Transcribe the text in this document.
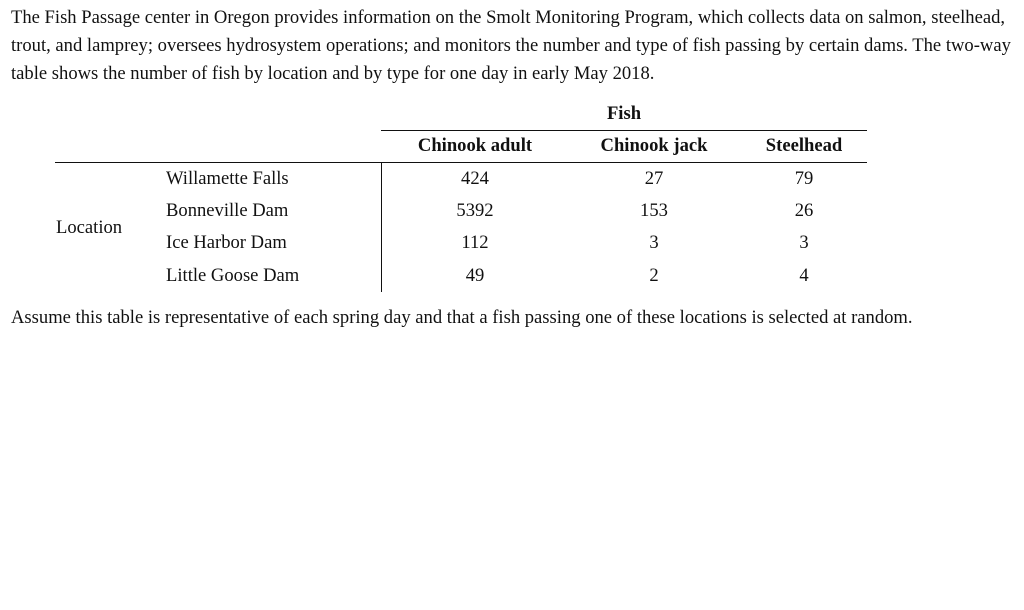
The Fish Passage center in Oregon provides information on the Smolt Monitoring Program, which collects data on salmon, steelhead, trout, and lamprey; oversees hydrosystem operations; and monitors the number and type of fish passing by certain dams. The two-way table shows the number of fish by location and by type for one day in early May 2018.

Fish
Chinook adult	Chinook jack	Steelhead
Location
Willamette Falls	424	27	79
Bonneville Dam	5392	153	26
Ice Harbor Dam	112	3	3
Little Goose Dam	49	2	4

Assume this table is representative of each spring day and that a fish passing one of these locations is selected at random.
